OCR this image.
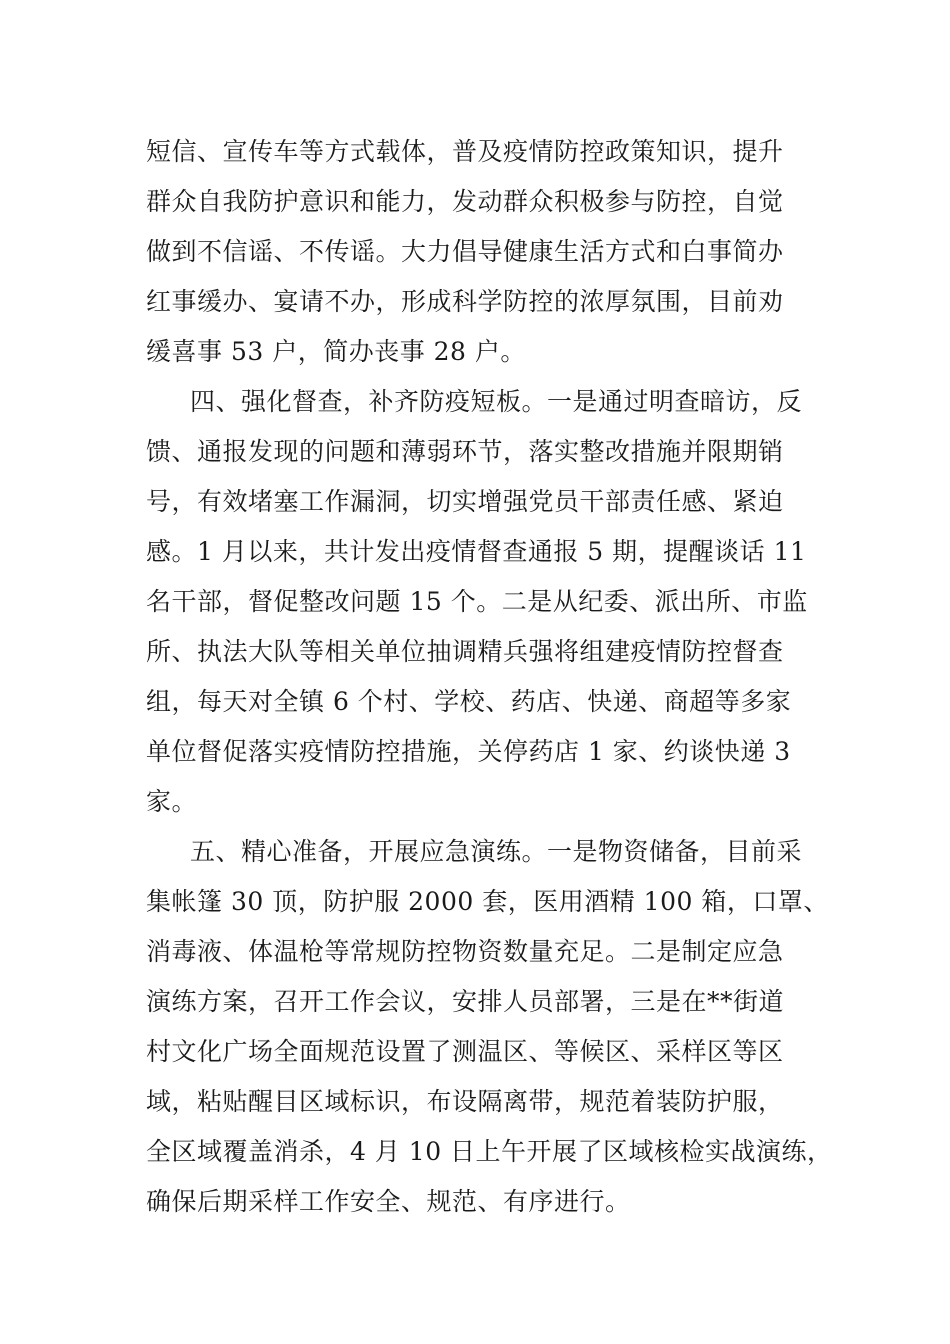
短信、宣传车等方式载体，普及疫情防控政策知识，提升
群众自我防护意识和能力，发动群众积极参与防控，自觉
做到不信谣、不传谣。大力倡导健康生活方式和白事简办
红事缓办、宴请不办，形成科学防控的浓厚氛围，目前劝
缓喜事 53 户，简办丧事 28 户。
四、强化督查，补齐防疫短板。一是通过明查暗访，反
馈、通报发现的问题和薄弱环节，落实整改措施并限期销
号，有效堵塞工作漏洞，切实增强党员干部责任感、紧迫
感。1 月以来，共计发出疫情督查通报 5 期，提醒谈话 11
名干部，督促整改问题 15 个。二是从纪委、派出所、市监
所、执法大队等相关单位抽调精兵强将组建疫情防控督查
组，每天对全镇 6 个村、学校、药店、快递、商超等多家
单位督促落实疫情防控措施，关停药店 1 家、约谈快递 3
家。
五、精心准备，开展应急演练。一是物资储备，目前采
集帐篷 30 顶，防护服 2000 套，医用酒精 100 箱，口罩、
消毒液、体温枪等常规防控物资数量充足。二是制定应急
演练方案，召开工作会议，安排人员部署，三是在**街道
村文化广场全面规范设置了测温区、等候区、采样区等区
域，粘贴醒目区域标识，布设隔离带，规范着装防护服，
全区域覆盖消杀，4 月 10 日上午开展了区域核检实战演练，
确保后期采样工作安全、规范、有序进行。
